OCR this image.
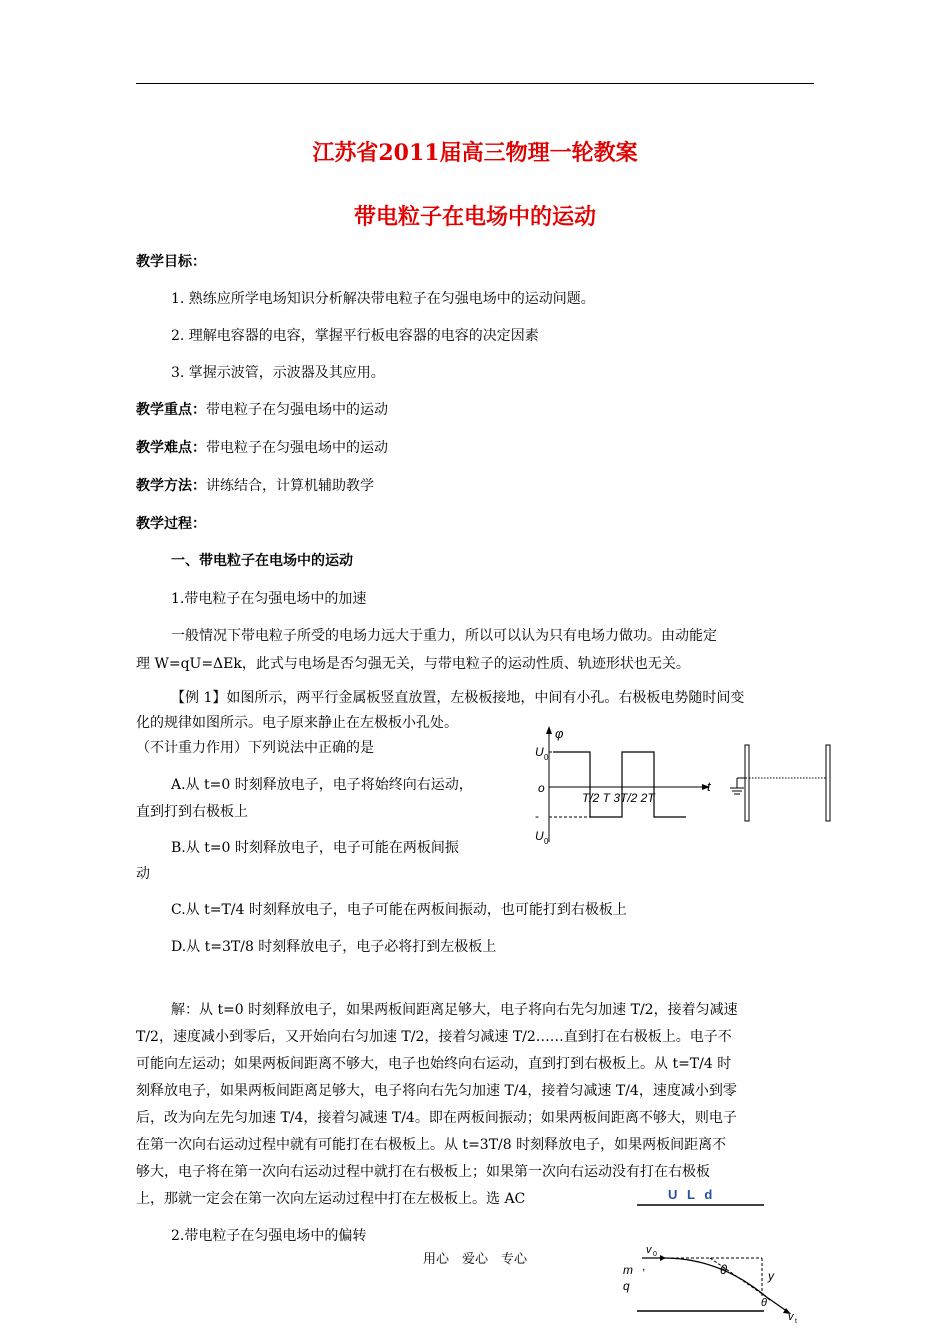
江苏省2011届高三物理一轮教案
带电粒子在电场中的运动
教学目标：
1. 熟练应所学电场知识分析解决带电粒子在匀强电场中的运动问题。
2. 理解电容器的电容，掌握平行板电容器的电容的决定因素
3. 掌握示波管，示波器及其应用。
教学重点：带电粒子在匀强电场中的运动
教学难点：带电粒子在匀强电场中的运动
教学方法：讲练结合，计算机辅助教学
教学过程：
一、带电粒子在电场中的运动
1.带电粒子在匀强电场中的加速
一般情况下带电粒子所受的电场力远大于重力，所以可以认为只有电场力做功。由动能定
理 W=qU=ΔEk，此式与电场是否匀强无关，与带电粒子的运动性质、轨迹形状也无关。
【例 1】如图所示，两平行金属板竖直放置，左极板接地，中间有小孔。右极板电势随时间变
化的规律如图所示。电子原来静止在左极板小孔处。
（不计重力作用）下列说法中正确的是
A.从 t=0 时刻释放电子，电子将始终向右运动，
直到打到右极板上
B.从 t=0 时刻释放电子，电子可能在两板间振
动
C.从 t=T/4 时刻释放电子，电子可能在两板间振动，也可能打到右极板上
D.从 t=3T/8 时刻释放电子，电子必将打到左极板上
φ
U 0
o
T/2 T 3T/2 2T
t
-
U 0
解：从 t=0 时刻释放电子，如果两板间距离足够大，电子将向右先匀加速 T/2，接着匀减速
T/2，速度减小到零后，又开始向右匀加速 T/2，接着匀减速 T/2……直到打在右极板上。电子不
可能向左运动；如果两板间距离不够大，电子也始终向右运动，直到打到右极板上。从 t=T/4 时
刻释放电子，如果两板间距离足够大，电子将向右先匀加速 T/4，接着匀减速 T/4，速度减小到零
后，改为向左先匀加速 T/4，接着匀减速 T/4。即在两板间振动；如果两板间距离不够大，则电子
在第一次向右运动过程中就有可能打在右极板上。从 t=3T/8 时刻释放电子，如果两板间距离不
够大，电子将在第一次向右运动过程中就打在右极板上；如果第一次向右运动没有打在右极板
上，那就一定会在第一次向左运动过程中打在左极板上。选 AC
2.带电粒子在匀强电场中的偏转
U L d
v 0
m ,
q
θ	y
θ
v t
用心　爱心　专心
